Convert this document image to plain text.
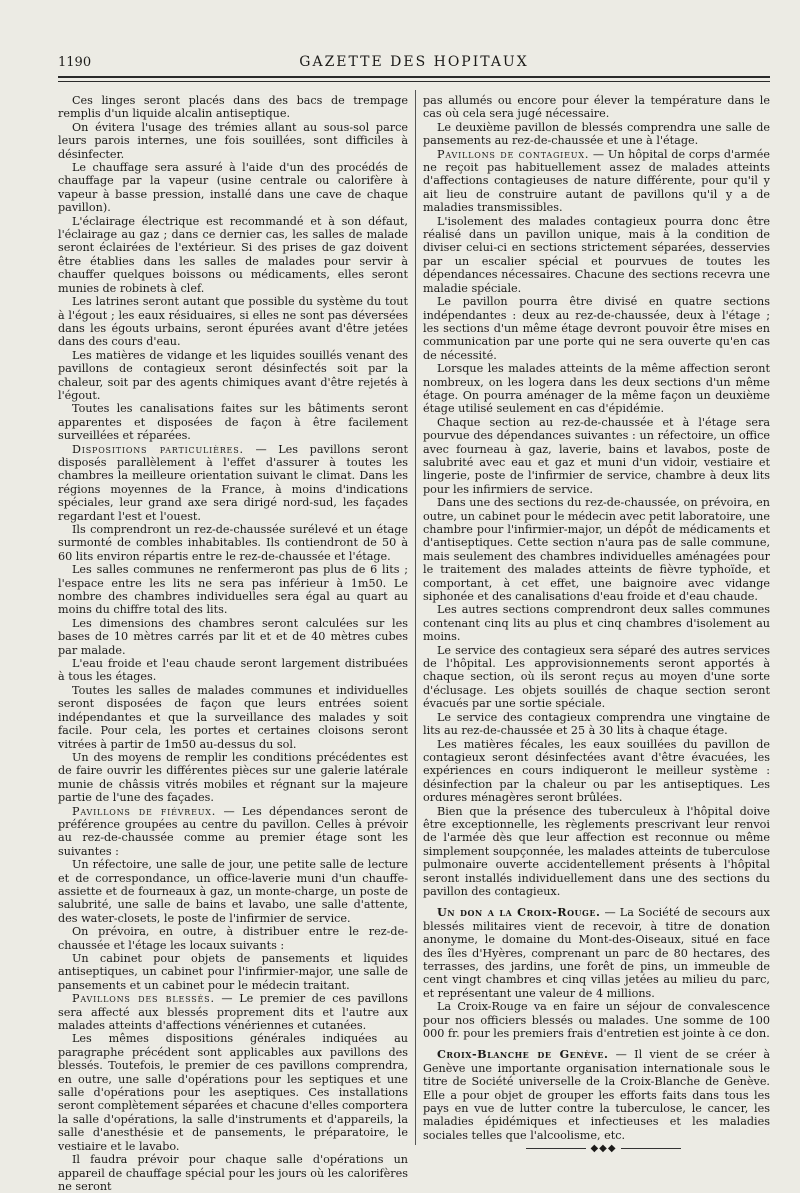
1190	GAZETTE DES HOPITAUX

Ces linges seront placés dans des bacs de trempage remplis d'un liquide alcalin antiseptique.

On évitera l'usage des trémies allant au sous-sol parce leurs parois internes, une fois souillées, sont difficiles à désinfecter.

Le chauffage sera assuré à l'aide d'un des procédés de chauffage par la vapeur (usine centrale ou calorifère à vapeur à basse pression, installé dans une cave de chaque pavillon).

L'éclairage électrique est recommandé et à son défaut, l'éclairage au gaz ; dans ce dernier cas, les salles de malade seront éclairées de l'extérieur. Si des prises de gaz doivent être établies dans les salles de malades pour servir à chauffer quelques boissons ou médicaments, elles seront munies de robinets à clef.

Les latrines seront autant que possible du système du tout à l'égout ; les eaux résiduaires, si elles ne sont pas déversées dans les égouts urbains, seront épurées avant d'être jetées dans des cours d'eau.

Les matières de vidange et les liquides souillés venant des pavillons de contagieux seront désinfectés soit par la chaleur, soit par des agents chimiques avant d'être rejetés à l'égout.

Toutes les canalisations faites sur les bâtiments seront apparentes et disposées de façon à être facilement surveillées et réparées.

Dispositions particulières. — Les pavillons seront disposés parallèlement à l'effet d'assurer à toutes les chambres la meilleure orientation suivant le climat. Dans les régions moyennes de la France, à moins d'indications spéciales, leur grand axe sera dirigé nord-sud, les façades regardant l'est et l'ouest.

Ils comprendront un rez-de-chaussée surélevé et un étage surmonté de combles inhabitables. Ils contiendront de 50 à 60 lits environ répartis entre le rez-de-chaussée et l'étage.

Les salles communes ne renfermeront pas plus de 6 lits ; l'espace entre les lits ne sera pas inférieur à 1m50. Le nombre des chambres individuelles sera égal au quart au moins du chiffre total des lits.

Les dimensions des chambres seront calculées sur les bases de 10 mètres carrés par lit et et de 40 mètres cubes par malade.

L'eau froide et l'eau chaude seront largement distribuées à tous les étages.

Toutes les salles de malades communes et individuelles seront disposées de façon que leurs entrées soient indépendantes et que la surveillance des malades y soit facile. Pour cela, les portes et certaines cloisons seront vitrées à partir de 1m50 au-dessus du sol.

Un des moyens de remplir les conditions précédentes est de faire ouvrir les différentes pièces sur une galerie latérale munie de châssis vitrés mobiles et régnant sur la majeure partie de l'une des façades.

Pavillons de fiévreux. — Les dépendances seront de préférence groupées au centre du pavillon. Celles à prévoir au rez-de-chaussée comme au premier étage sont les suivantes :

Un réfectoire, une salle de jour, une petite salle de lecture et de correspondance, un office-laverie muni d'un chauffe-assiette et de fourneaux à gaz, un monte-charge, un poste de salubrité, une salle de bains et lavabo, une salle d'attente, des water-closets, le poste de l'infirmier de service.

On prévoira, en outre, à distribuer entre le rez-de-chaussée et l'étage les locaux suivants :

Un cabinet pour objets de pansements et liquides antiseptiques, un cabinet pour l'infirmier-major, une salle de pansements et un cabinet pour le médecin traitant.

Pavillons des blessés. — Le premier de ces pavillons sera affecté aux blessés proprement dits et l'autre aux malades atteints d'affections vénériennes et cutanées.

Les mêmes dispositions générales indiquées au paragraphe précédent sont applicables aux pavillons des blessés. Toutefois, le premier de ces pavillons comprendra, en outre, une salle d'opérations pour les septiques et une salle d'opérations pour les aseptiques. Ces installations seront complètement séparées et chacune d'elles comportera la salle d'opérations, la salle d'instruments et d'appareils, la salle d'anesthésie et de pansements, le préparatoire, le vestiaire et le lavabo.

Il faudra prévoir pour chaque salle d'opérations un appareil de chauffage spécial pour les jours où les calorifères ne seront

pas allumés ou encore pour élever la température dans le cas où cela sera jugé nécessaire.

Le deuxième pavillon de blessés comprendra une salle de pansements au rez-de-chaussée et une à l'étage.

Pavillons de contagieux. — Un hôpital de corps d'armée ne reçoit pas habituellement assez de malades atteints d'affections contagieuses de nature différente, pour qu'il y ait lieu de construire autant de pavillons qu'il y a de maladies transmissibles.

L'isolement des malades contagieux pourra donc être réalisé dans un pavillon unique, mais à la condition de diviser celui-ci en sections strictement séparées, desservies par un escalier spécial et pourvues de toutes les dépendances nécessaires. Chacune des sections recevra une maladie spéciale.

Le pavillon pourra être divisé en quatre sections indépendantes : deux au rez-de-chaussée, deux à l'étage ; les sections d'un même étage devront pouvoir être mises en communication par une porte qui ne sera ouverte qu'en cas de nécessité.

Lorsque les malades atteints de la même affection seront nombreux, on les logera dans les deux sections d'un même étage. On pourra aménager de la même façon un deuxième étage utilisé seulement en cas d'épidémie.

Chaque section au rez-de-chaussée et à l'étage sera pourvue des dépendances suivantes : un réfectoire, un office avec fourneau à gaz, laverie, bains et lavabos, poste de salubrité avec eau et gaz et muni d'un vidoir, vestiaire et lingerie, poste de l'infirmier de service, chambre à deux lits pour les infirmiers de service.

Dans une des sections du rez-de-chaussée, on prévoira, en outre, un cabinet pour le médecin avec petit laboratoire, une chambre pour l'infirmier-major, un dépôt de médicaments et d'antiseptiques. Cette section n'aura pas de salle commune, mais seulement des chambres individuelles aménagées pour le traitement des malades atteints de fièvre typhoïde, et comportant, à cet effet, une baignoire avec vidange siphonée et des canalisations d'eau froide et d'eau chaude.

Les autres sections comprendront deux salles communes contenant cinq lits au plus et cinq chambres d'isolement au moins.

Le service des contagieux sera séparé des autres services de l'hôpital. Les approvisionnements seront apportés à chaque section, où ils seront reçus au moyen d'une sorte d'éclusage. Les objets souillés de chaque section seront évacués par une sortie spéciale.

Le service des contagieux comprendra une vingtaine de lits au rez-de-chaussée et 25 à 30 lits à chaque étage.

Les matières fécales, les eaux souillées du pavillon de contagieux seront désinfectées avant d'être évacuées, les expériences en cours indiqueront le meilleur système : désinfection par la chaleur ou par les antiseptiques. Les ordures ménagères seront brûlées.

Bien que la présence des tuberculeux à l'hôpital doive être exceptionnelle, les règlements prescrivant leur renvoi de l'armée dès que leur affection est reconnue ou même simplement soupçonnée, les malades atteints de tuberculose pulmonaire ouverte accidentellement présents à l'hôpital seront installés individuellement dans une des sections du pavillon des contagieux.

Un don a la Croix-Rouge. — La Société de secours aux blessés militaires vient de recevoir, à titre de donation anonyme, le domaine du Mont-des-Oiseaux, situé en face des îles d'Hyères, comprenant un parc de 80 hectares, des terrasses, des jardins, une forêt de pins, un immeuble de cent vingt chambres et cinq villas jetées au milieu du parc, et représentant une valeur de 4 millions.

La Croix-Rouge va en faire un séjour de convalescence pour nos officiers blessés ou malades. Une somme de 100 000 fr. pour les premiers frais d'entretien est jointe à ce don.

Croix-Blanche de Genève. — Il vient de se créer à Genève une importante organisation internationale sous le titre de Société universelle de la Croix-Blanche de Genève. Elle a pour objet de grouper les efforts faits dans tous les pays en vue de lutter contre la tuberculose, le cancer, les maladies épidémiques et infectieuses et les maladies sociales telles que l'alcoolisme, etc.

◆◆◆
